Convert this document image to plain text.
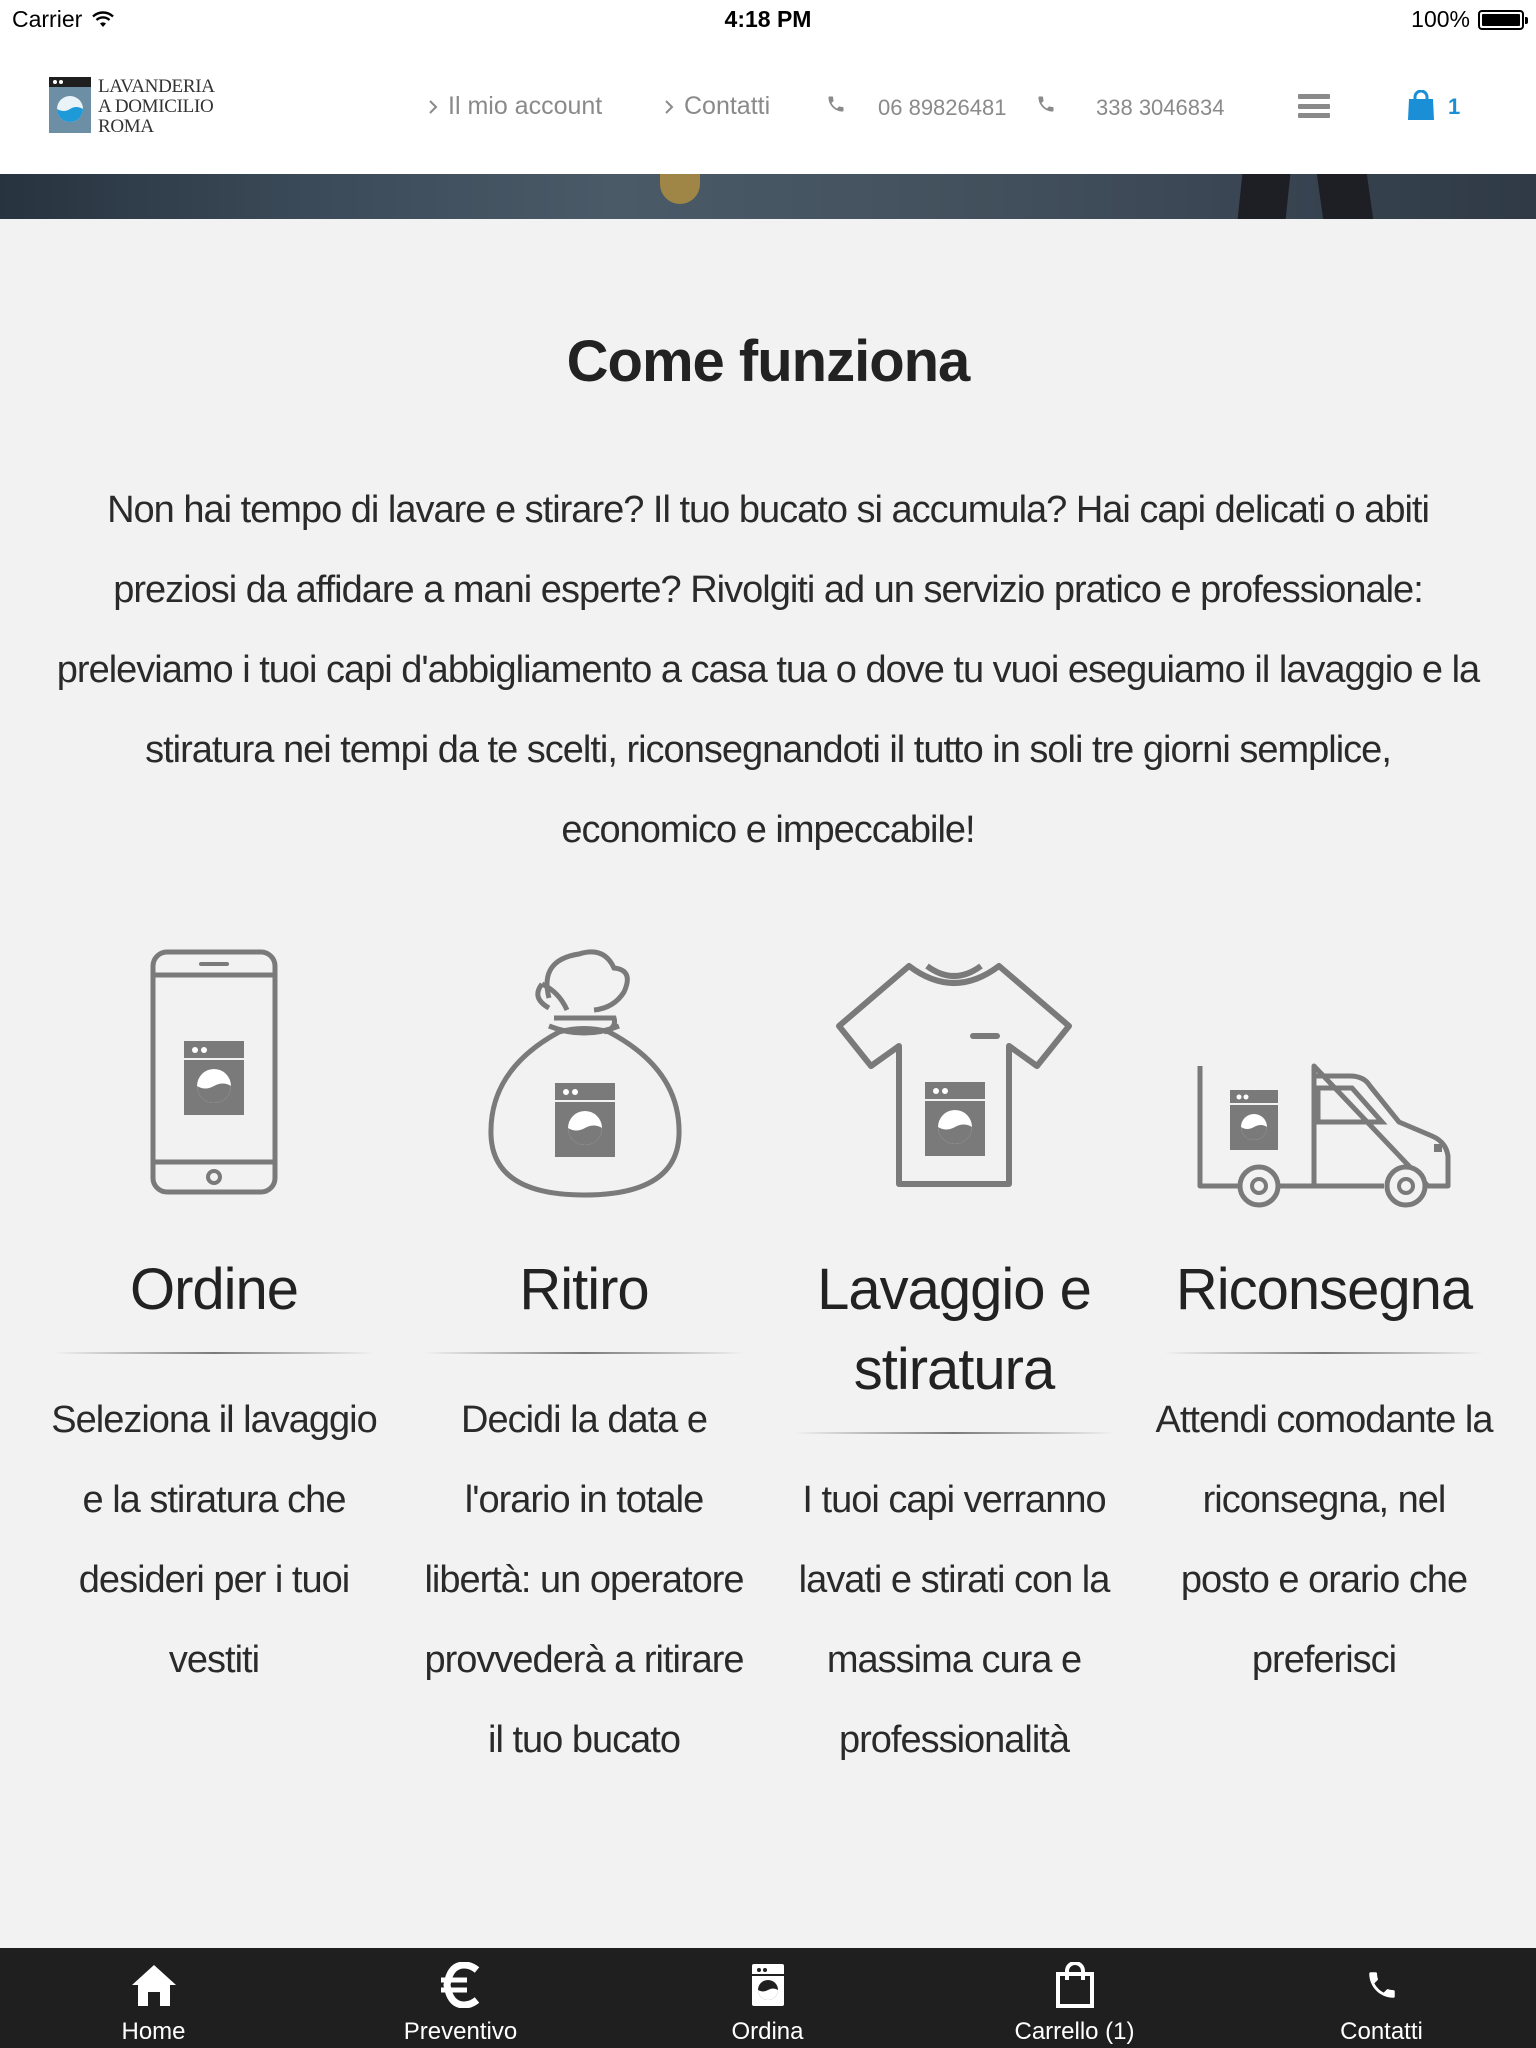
Carrier	4:18 PM	100%
LAVANDERIA
A DOMICILIO
ROMA
Il mio account	Contatti	06 89826481	338 3046834	1
Come funziona

Non hai tempo di lavare e stirare? Il tuo bucato si accumula? Hai capi delicati o abiti preziosi da affidare a mani esperte? Rivolgiti ad un servizio pratico e professionale: preleviamo i tuoi capi d'abbigliamento a casa tua o dove tu vuoi eseguiamo il lavaggio e la stiratura nei tempi da te scelti, riconsegnandoti il tutto in soli tre giorni semplice, economico e impeccabile!

Ordine
Seleziona il lavaggio e la stiratura che desideri per i tuoi vestiti
Ritiro
Decidi la data e l'orario in totale libertà: un operatore provvederà a ritirare il tuo bucato
Lavaggio e stiratura
I tuoi capi verranno lavati e stirati con la massima cura e professionalità
Riconsegna
Attendi comodante la riconsegna, nel posto e orario che preferisci
Home	Preventivo	Ordina	Carrello (1)	Contatti
